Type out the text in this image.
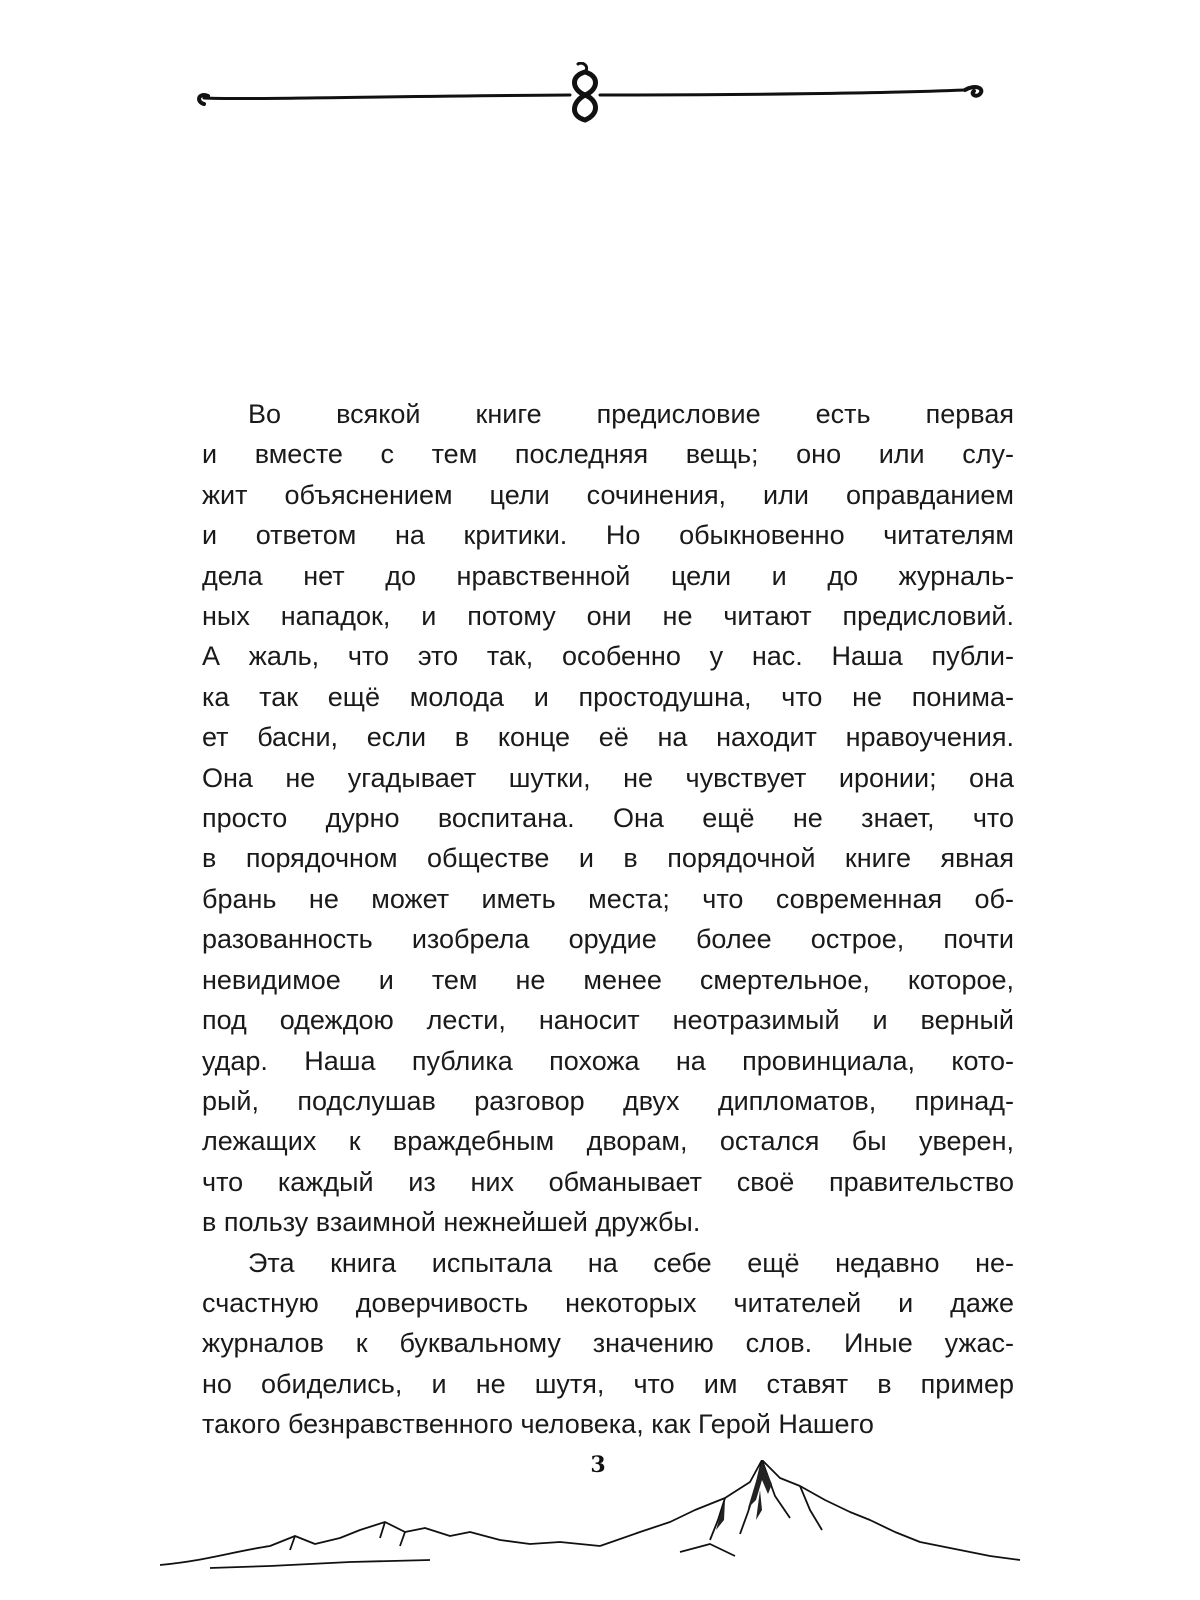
Во всякой книге предисловие есть первая
и вместе с тем последняя вещь; оно или слу-
жит объяснением цели сочинения, или оправданием
и ответом на критики. Но обыкновенно читателям
дела нет до нравственной цели и до журналь-
ных нападок, и потому они не читают предисловий.
А жаль, что это так, особенно у нас. Наша публи-
ка так ещё молода и простодушна, что не понима-
ет басни, если в конце её на находит нравоучения.
Она не угадывает шутки, не чувствует иронии; она
просто дурно воспитана. Она ещё не знает, что
в порядочном обществе и в порядочной книге явная
брань не может иметь места; что современная об-
разованность изобрела орудие более острое, почти
невидимое и тем не менее смертельное, которое,
под одеждою лести, наносит неотразимый и верный
удар. Наша публика похожа на провинциала, кото-
рый, подслушав разговор двух дипломатов, принад-
лежащих к враждебным дворам, остался бы уверен,
что каждый из них обманывает своё правительство
в пользу взаимной нежнейшей дружбы.

Эта книга испытала на себе ещё недавно не-
счастную доверчивость некоторых читателей и даже
журналов к буквальному значению слов. Иные ужас-
но обиделись, и не шутя, что им ставят в пример
такого безнравственного человека, как Герой Нашего

3
